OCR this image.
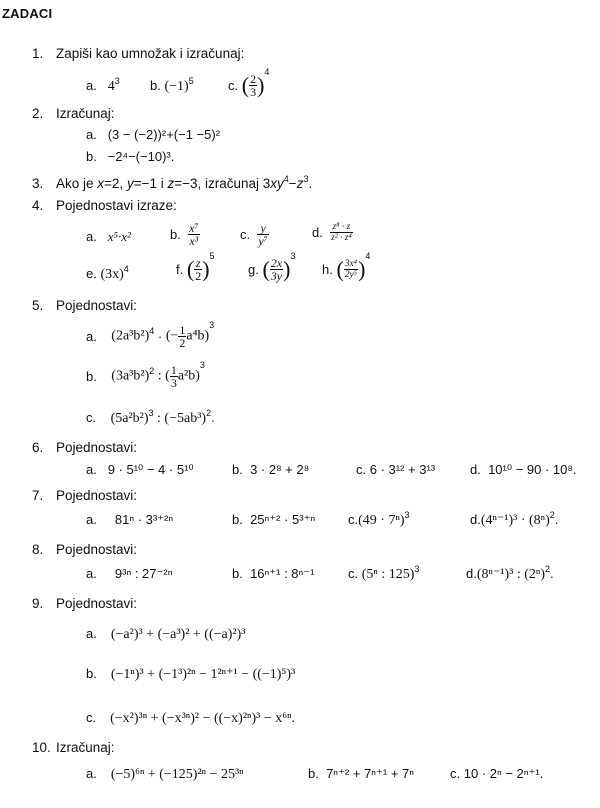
ZADACI
1. Zapiši kao umnožak i izračunaj:
a. $4^3$ b. $(-1)^5$	c. ( $\frac{2}{3} )^4$
2. Izračunaj:
a. (3 − (−2))²+(−1 −5)²
b. −2⁴−(−10)³.
3. Ako je x=2, y=−1 i z=−3, izračunaj $3xy^4-z^3$.
4. Pojednostavi izraze:
a. x⁵·x²	b. $\frac{\text{x⁷}}{\text{x³}}$	c. $\frac{y}{\text{y⁷}}$	d. $\frac{\text{z⁸ · z}}{\text{z² · z⁴}}$
e. $(3x)^4$	f. ( $\frac{z}{2} )^5$
g. ( $\frac{2x}{3y} )^3$
h. ( $\frac{\text{3x⁴}}{\text{2y⁵}} )^4$
5. Pojednostavi:
a. $(2a^3b^2)^4$ · (− $\frac{1}{2} a^4b)^3$
b. $(3a^3b^2)^2$ : ( $\frac{1}{3} a^2b)^3$
c. $(5a^2b^2)^3$ : $(-5ab^3)^2$.
6. Pojednostavi:
a. 9 · 5¹⁰ − 4 · 5¹⁰	b. 3 · 2⁸ + 2⁸	c. 6 · 3¹² + 3¹³	d. 10¹⁰ − 90 · 10⁸.
7. Pojednostavi:
a. 81ⁿ · 3³⁺²ⁿ	b. 25ⁿ⁺² · 5³⁺ⁿ	$c.(49 \cdot 7^n)^3$	$d.(4^{n-1})^3 \cdot (8^n)^2$.
8. Pojednostavi:
a. 9³ⁿ : 27⁻²ⁿ	b. 16ⁿ⁺¹ : 8ⁿ⁻¹	c. (5ⁿ : 125)$^3$	d.(8ⁿ⁻¹)³ : $(2^n)^2$.
9. Pojednostavi:
a. (−a²)³ + (−a³)² + ((−a)²)³
b. (−1ⁿ)³ + (−1³)²ⁿ − 1²ⁿ⁺¹ − ((−1)⁵)³
c. (−x²)³ⁿ + (−x³ⁿ)² − ((−x)²ⁿ)³ − x⁶ⁿ.
10. Izračunaj:
a. (−5)⁶ⁿ + (−125)²ⁿ − 25³ⁿ	b. 7ⁿ⁺² + 7ⁿ⁺¹ + 7ⁿ	c. 10 · 2ⁿ − 2ⁿ⁺¹.
